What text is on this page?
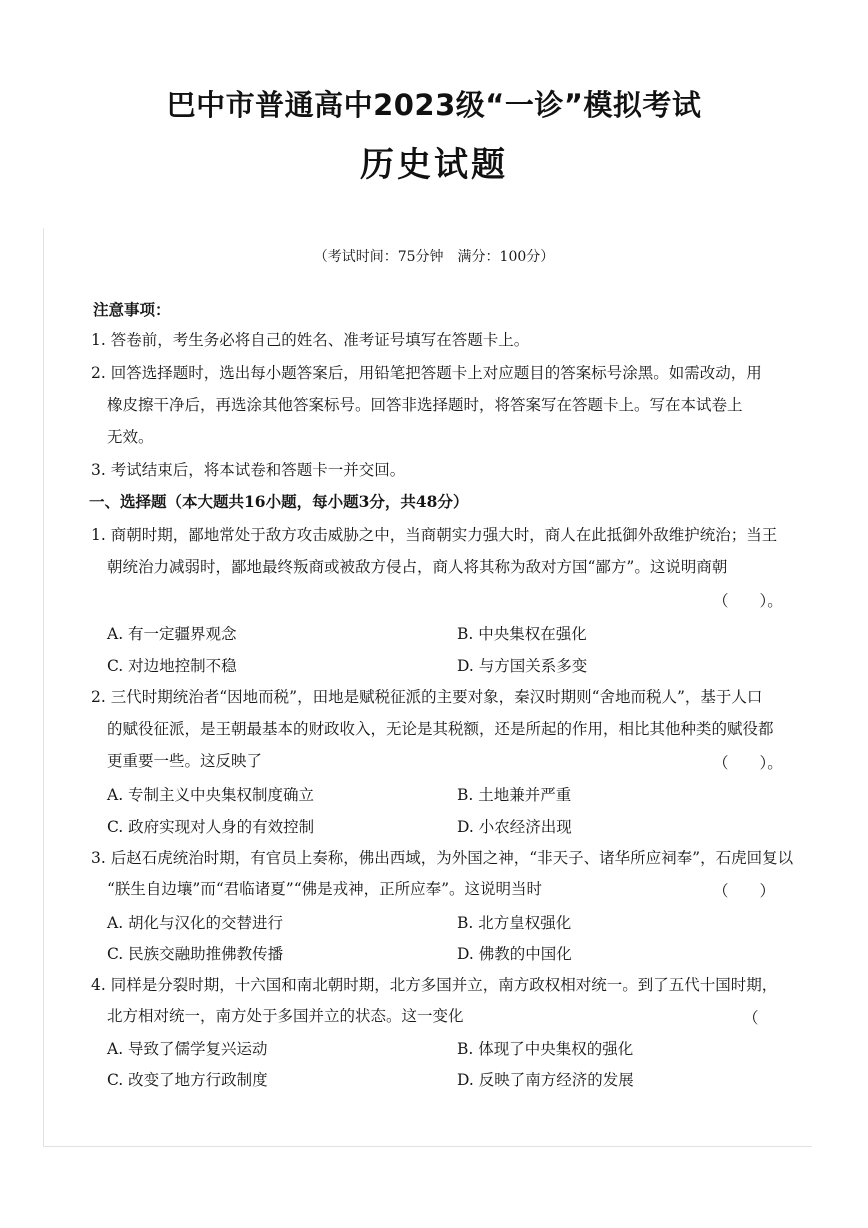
巴中市普通高中2023级“一诊”模拟考试
历史试题
（考试时间：75分钟　满分：100分）
注意事项：
1. 答卷前，考生务必将自己的姓名、准考证号填写在答题卡上。
2. 回答选择题时，选出每小题答案后，用铅笔把答题卡上对应题目的答案标号涂黑。如需改动，用
橡皮擦干净后，再选涂其他答案标号。回答非选择题时，将答案写在答题卡上。写在本试卷上
无效。
3. 考试结束后，将本试卷和答题卡一并交回。
一、选择题（本大题共16小题，每小题3分，共48分）
1. 商朝时期，鄙地常处于敌方攻击威胁之中，当商朝实力强大时，商人在此抵御外敌维护统治；当王
朝统治力减弱时，鄙地最终叛商或被敌方侵占，商人将其称为敌对方国“鄙方”。这说明商朝
（　　）。
A. 有一定疆界观念	B. 中央集权在强化
C. 对边地控制不稳	D. 与方国关系多变
2. 三代时期统治者“因地而税”，田地是赋税征派的主要对象，秦汉时期则“舍地而税人”，基于人口
的赋役征派，是王朝最基本的财政收入，无论是其税额，还是所起的作用，相比其他种类的赋役都
更重要一些。这反映了	（　　）。
A. 专制主义中央集权制度确立	B. 土地兼并严重
C. 政府实现对人身的有效控制	D. 小农经济出现
3. 后赵石虎统治时期，有官员上奏称，佛出西域，为外国之神，“非天子、诸华所应祠奉”，石虎回复以
“朕生自边壤”而“君临诸夏”“佛是戎神，正所应奉”。这说明当时	（　　）
A. 胡化与汉化的交替进行	B. 北方皇权强化
C. 民族交融助推佛教传播	D. 佛教的中国化
4. 同样是分裂时期，十六国和南北朝时期，北方多国并立，南方政权相对统一。到了五代十国时期，
北方相对统一，南方处于多国并立的状态。这一变化	（
A. 导致了儒学复兴运动	B. 体现了中央集权的强化
C. 改变了地方行政制度	D. 反映了南方经济的发展
